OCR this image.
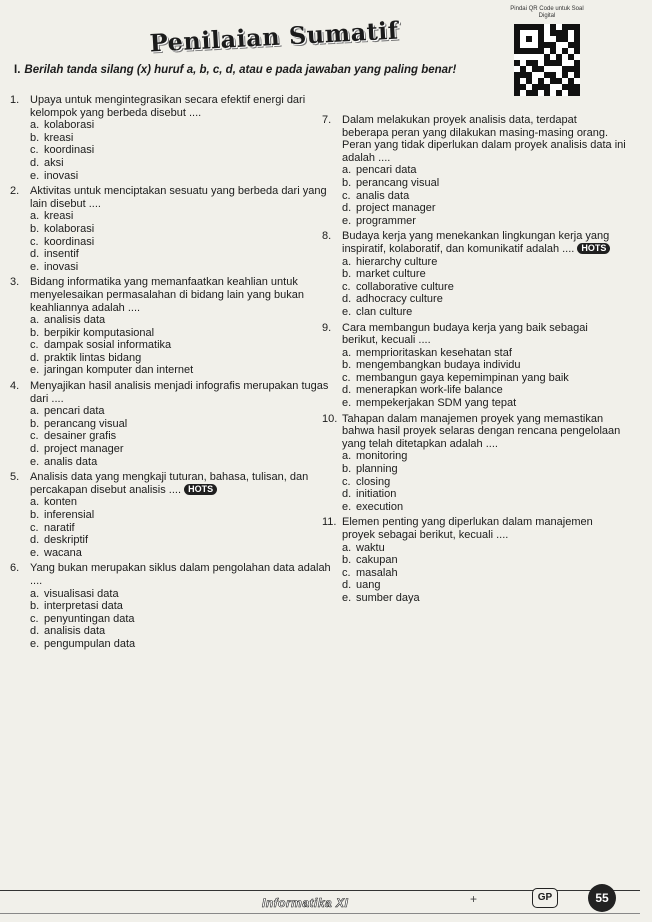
Penilaian Sumatif
Pindai QR Code untuk Soal Digital
I. Berilah tanda silang (x) huruf a, b, c, d, atau e pada jawaban yang paling benar!
1. Upaya untuk mengintegrasikan secara efektif energi dari kelompok yang berbeda disebut ....
a. kolaborasi
b. kreasi
c. koordinasi
d. aksi
e. inovasi
2. Aktivitas untuk menciptakan sesuatu yang berbeda dari yang lain disebut ....
a. kreasi
b. kolaborasi
c. koordinasi
d. insentif
e. inovasi
3. Bidang informatika yang memanfaatkan keahlian untuk menyelesaikan permasalahan di bidang lain yang bukan keahliannya adalah ....
a. analisis data
b. berpikir komputasional
c. dampak sosial informatika
d. praktik lintas bidang
e. jaringan komputer dan internet
4. Menyajikan hasil analisis menjadi infografis merupakan tugas dari ....
a. pencari data
b. perancang visual
c. desainer grafis
d. project manager
e. analis data
5. Analisis data yang mengkaji tuturan, bahasa, tulisan, dan percakapan disebut analisis .... HOTS
a. konten
b. inferensial
c. naratif
d. deskriptif
e. wacana
6. Yang bukan merupakan siklus dalam pengolahan data adalah ....
a. visualisasi data
b. interpretasi data
c. penyuntingan data
d. analisis data
e. pengumpulan data
7. Dalam melakukan proyek analisis data, terdapat beberapa peran yang dilakukan masing-masing orang. Peran yang tidak diperlukan dalam proyek analisis data ini adalah ....
a. pencari data
b. perancang visual
c. analis data
d. project manager
e. programmer
8. Budaya kerja yang menekankan lingkungan kerja yang inspiratif, kolaboratif, dan komunikatif adalah .... HOTS
a. hierarchy culture
b. market culture
c. collaborative culture
d. adhocracy culture
e. clan culture
9. Cara membangun budaya kerja yang baik sebagai berikut, kecuali ....
a. memprioritaskan kesehatan staf
b. mengembangkan budaya individu
c. membangun gaya kepemimpinan yang baik
d. menerapkan work-life balance
e. mempekerjakan SDM yang tepat
10. Tahapan dalam manajemen proyek yang memastikan bahwa hasil proyek selaras dengan rencana pengelolaan yang telah ditetapkan adalah ....
a. monitoring
b. planning
c. closing
d. initiation
e. execution
11. Elemen penting yang diperlukan dalam manajemen proyek sebagai berikut, kecuali ....
a. waktu
b. cakupan
c. masalah
d. uang
e. sumber daya
+
Informatika XI	GP	55
